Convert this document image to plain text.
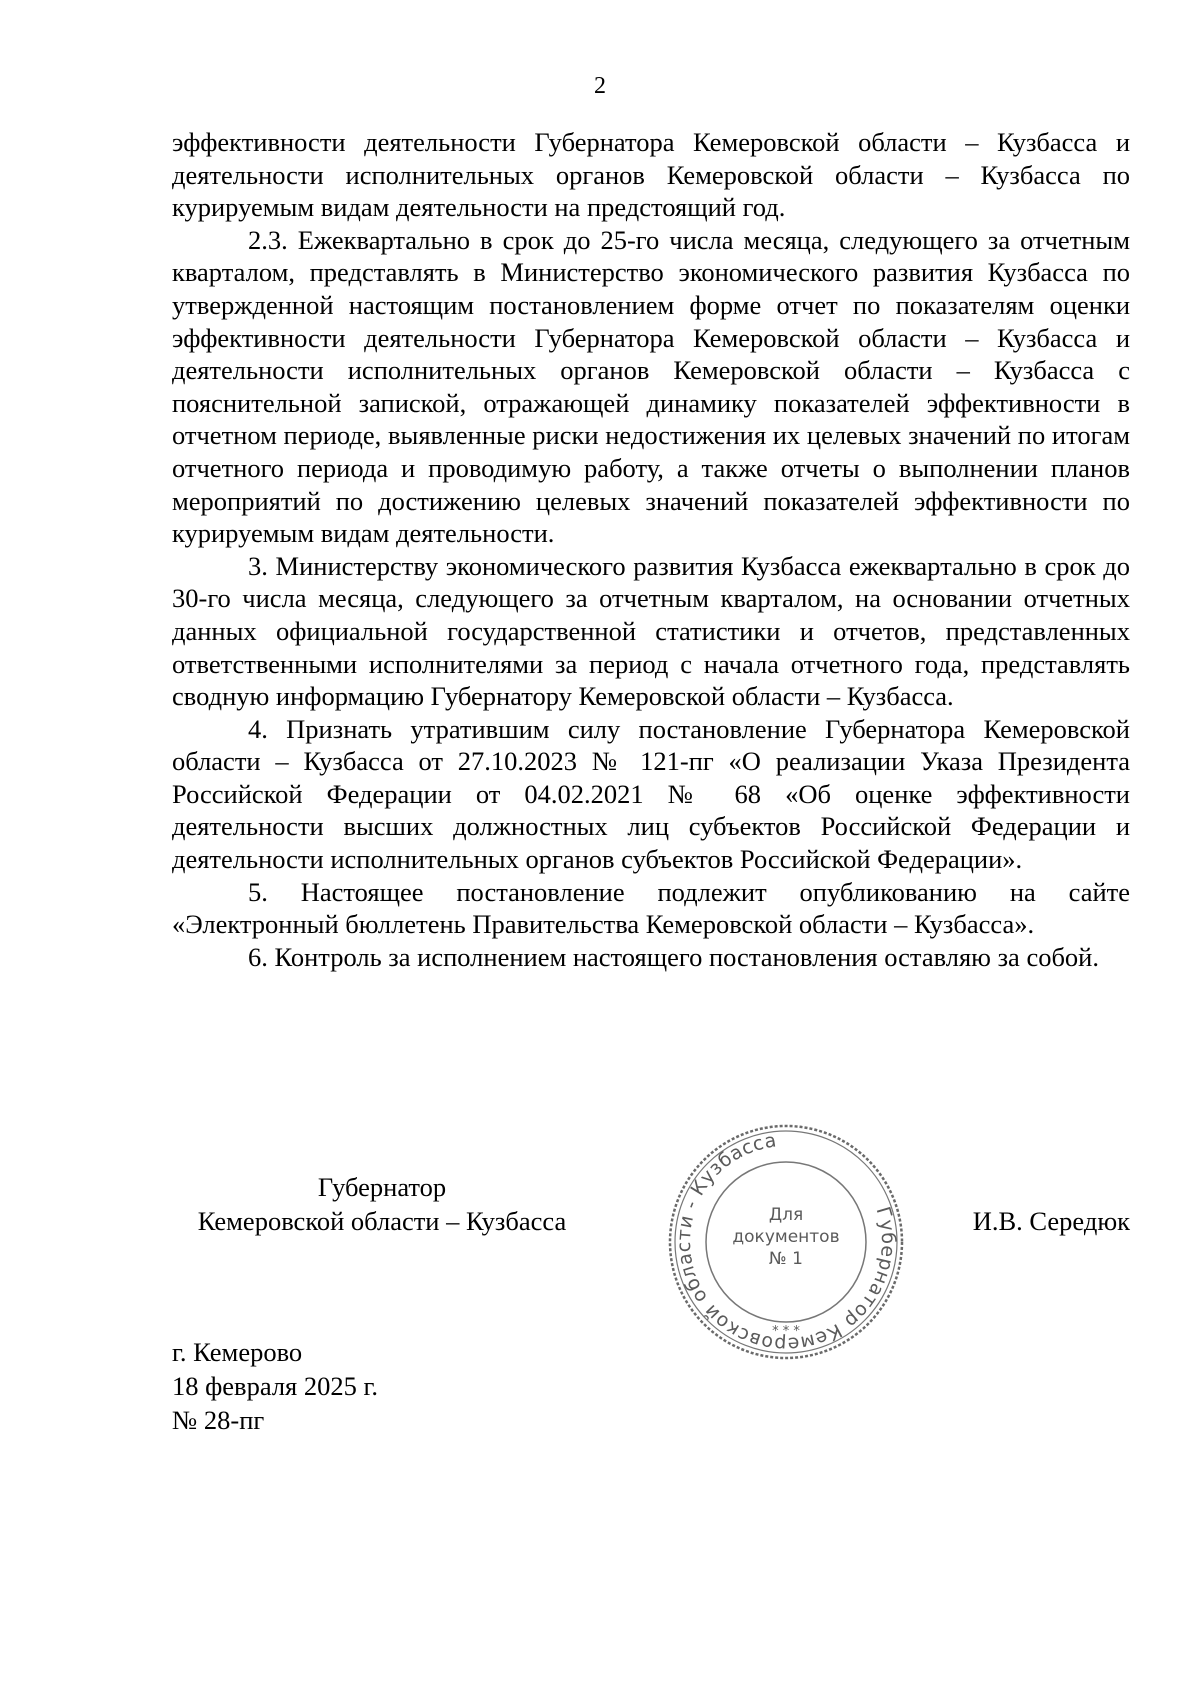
2

эффективности деятельности Губернатора Кемеровской области – Кузбасса и деятельности исполнительных органов Кемеровской области – Кузбасса по курируемым видам деятельности на предстоящий год.

2.3. Ежеквартально в срок до 25-го числа месяца, следующего за отчетным кварталом, представлять в Министерство экономического развития Кузбасса по утвержденной настоящим постановлением форме отчет по показателям оценки эффективности деятельности Губернатора Кемеровской области – Кузбасса и деятельности исполнительных органов Кемеровской области – Кузбасса с пояснительной запиской, отражающей динамику показателей эффективности в отчетном периоде, выявленные риски недостижения их целевых значений по итогам отчетного периода и проводимую работу, а также отчеты о выполнении планов мероприятий по достижению целевых значений показателей эффективности по курируемым видам деятельности.

3. Министерству экономического развития Кузбасса ежеквартально в срок до 30-го числа месяца, следующего за отчетным кварталом, на основании отчетных данных официальной государственной статистики и отчетов, представленных ответственными исполнителями за период с начала отчетного года, представлять сводную информацию Губернатору Кемеровской области – Кузбасса.

4. Признать утратившим силу постановление Губернатора Кемеровской области – Кузбасса от 27.10.2023 № 121-пг «О реализации Указа Президента Российской Федерации от 04.02.2021 № 68 «Об оценке эффективности деятельности высших должностных лиц субъектов Российской Федерации и деятельности исполнительных органов субъектов Российской Федерации».

5. Настоящее постановление подлежит опубликованию на сайте «Электронный бюллетень Правительства Кемеровской области – Кузбасса».

6. Контроль за исполнением настоящего постановления оставляю за собой.

Губернатор
Кемеровской области – Кузбасса	Губернатор Кемеровской области - Кузбасса
Для
документов
№ 1
* * *
И.В. Середюк
г. Кемерово
18 февраля 2025 г.
№ 28-пг
